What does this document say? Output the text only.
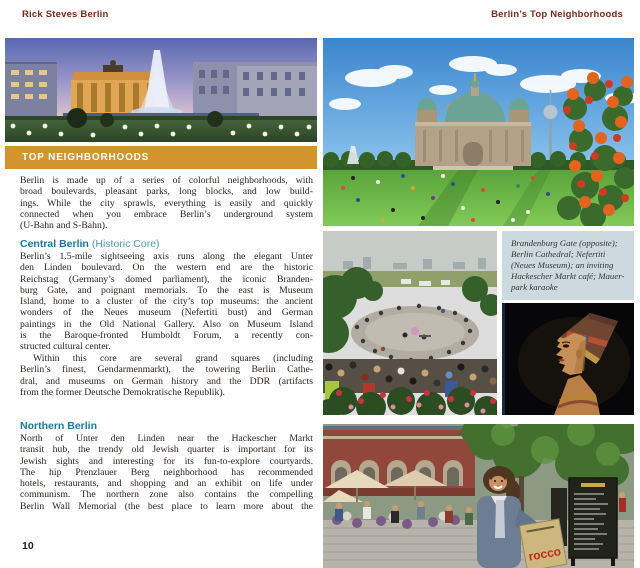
Rick Steves Berlin	Berlin’s Top Neighborhoods
TOP NEIGHBORHOODS
Berlin is made up of a series of colorful neighborhoods, with
broad boulevards, pleasant parks, long blocks, and low build-
ings. While the city sprawls, everything is easily and quickly
connected when you embrace Berlin’s underground system
(U-Bahn and S-Bahn).
Central Berlin (Historic Core)
Berlin’s 1.5-mile sightseeing axis runs along the elegant Unter
den Linden boulevard. On the western end are the historic
Reichstag (Germany’s domed parliament), the iconic Branden-
burg Gate, and poignant memorials. To the east is Museum
Island, home to a cluster of the city’s top museums: the ancient
wonders of the Neues museum (Nefertiti bust) and German
paintings in the Old National Gallery. Also on Museum Island
is the Baroque-fronted Humboldt Forum, a recently con-
structed cultural center.
Within this core are several grand squares (including
Berlin’s finest, Gendarmenmarkt), the towering Berlin Cathe-
dral, and museums on German history and the DDR (artifacts
from the former Deutsche Demokratische Republik).
Northern Berlin
North of Unter den Linden near the Hackescher Markt
transit hub, the trendy old Jewish quarter is important for its
Jewish sights and interesting for its fun-to-explore courtyards.
The hip Prenzlauer Berg neighborhood has recommended
hotels, restaurants, and shopping and an exhibit on life under
communism. The northern zone also contains the compelling
Berlin Wall Memorial (the best place to learn more about the
Brandenburg Gate (opposite);
Berlin Cathedral; Nefertiti
(Neues Museum); an inviting
Hackescher Markt café; Mauer-
park karaoke
rocco
10
